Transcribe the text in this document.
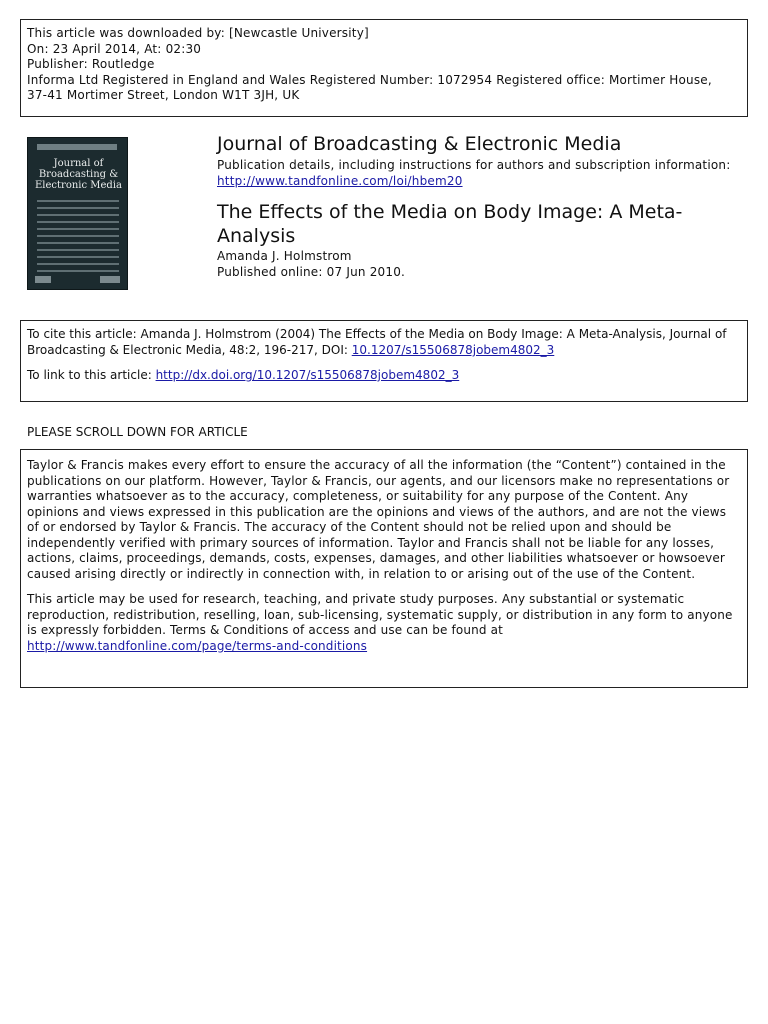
This article was downloaded by: [Newcastle University]
On: 23 April 2014, At: 02:30
Publisher: Routledge
Informa Ltd Registered in England and Wales Registered Number: 1072954 Registered office: Mortimer House,
37-41 Mortimer Street, London W1T 3JH, UK
Journal of Broadcasting & Electronic Media
Journal of Broadcasting & Electronic Media
Publication details, including instructions for authors and subscription information:
http://www.tandfonline.com/loi/hbem20
The Effects of the Media on Body Image: A Meta-Analysis
Amanda J. Holmstrom
Published online: 07 Jun 2010.
To cite this article: Amanda J. Holmstrom (2004) The Effects of the Media on Body Image: A Meta-Analysis, Journal of Broadcasting & Electronic Media, 48:2, 196-217, DOI: 10.1207/s15506878jobem4802_3
To link to this article: http://dx.doi.org/10.1207/s15506878jobem4802_3
PLEASE SCROLL DOWN FOR ARTICLE
Taylor & Francis makes every effort to ensure the accuracy of all the information (the “Content”) contained in the publications on our platform. However, Taylor & Francis, our agents, and our licensors make no representations or warranties whatsoever as to the accuracy, completeness, or suitability for any purpose of the Content. Any opinions and views expressed in this publication are the opinions and views of the authors, and are not the views of or endorsed by Taylor & Francis. The accuracy of the Content should not be relied upon and should be independently verified with primary sources of information. Taylor and Francis shall not be liable for any losses, actions, claims, proceedings, demands, costs, expenses, damages, and other liabilities whatsoever or howsoever caused arising directly or indirectly in connection with, in relation to or arising out of the use of the Content.
This article may be used for research, teaching, and private study purposes. Any substantial or systematic reproduction, redistribution, reselling, loan, sub-licensing, systematic supply, or distribution in any form to anyone is expressly forbidden. Terms & Conditions of access and use can be found at http://www.tandfonline.com/page/terms-and-conditions
